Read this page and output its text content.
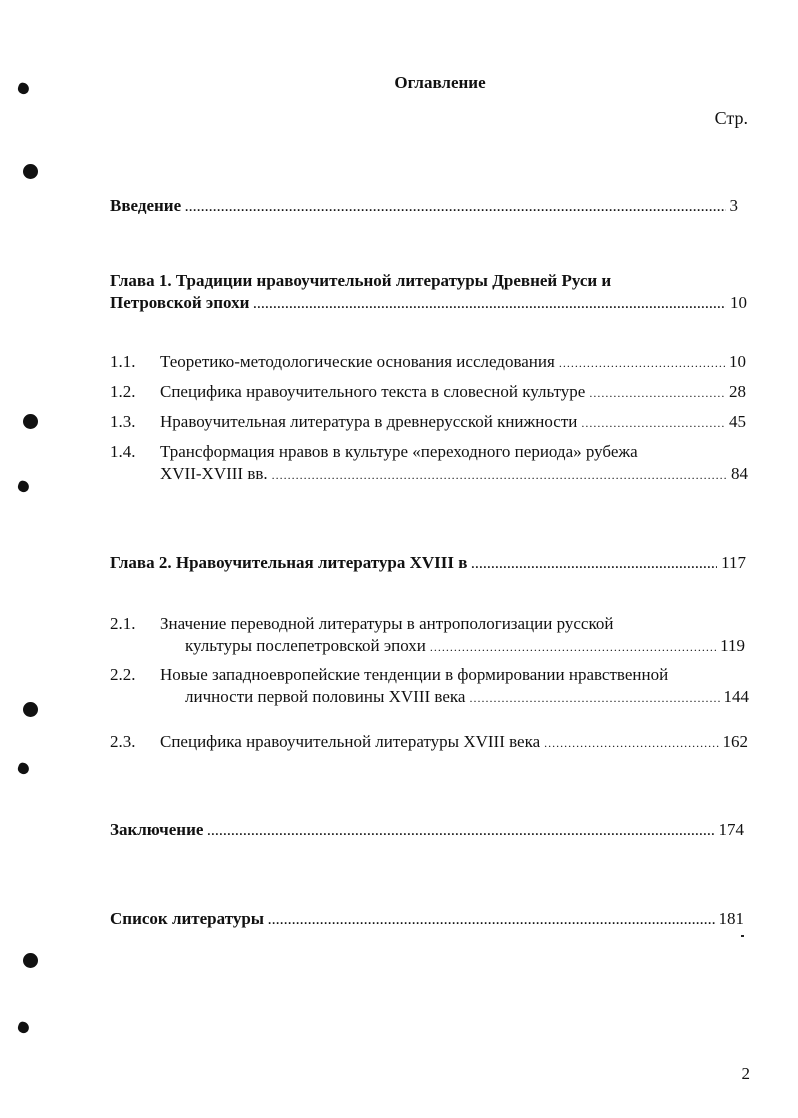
Оглавление
Стр.
Введение .....	3
Глава 1. Традиции нравоучительной литературы Древней Руси и
Петровской эпохи .....	10
1.1. Теоретико-методологические основания исследования .....	10
1.2. Специфика нравоучительного текста в словесной культуре .....	28
1.3. Нравоучительная литература в древнерусской книжности .....	45
1.4. Трансформация нравов в культуре «переходного периода» рубежа
XVII-XVIII вв. .....	84
Глава 2. Нравоучительная литература XVIII в .....	117
2.1. Значение переводной литературы в антропологизации русской
культуры послепетровской эпохи .....	119
2.2. Новые западноевропейские тенденции в формировании нравственной
личности первой половины XVIII века .....	144
2.3. Специфика нравоучительной литературы XVIII века .....	162
Заключение .....	174
Список литературы .....	181
2
